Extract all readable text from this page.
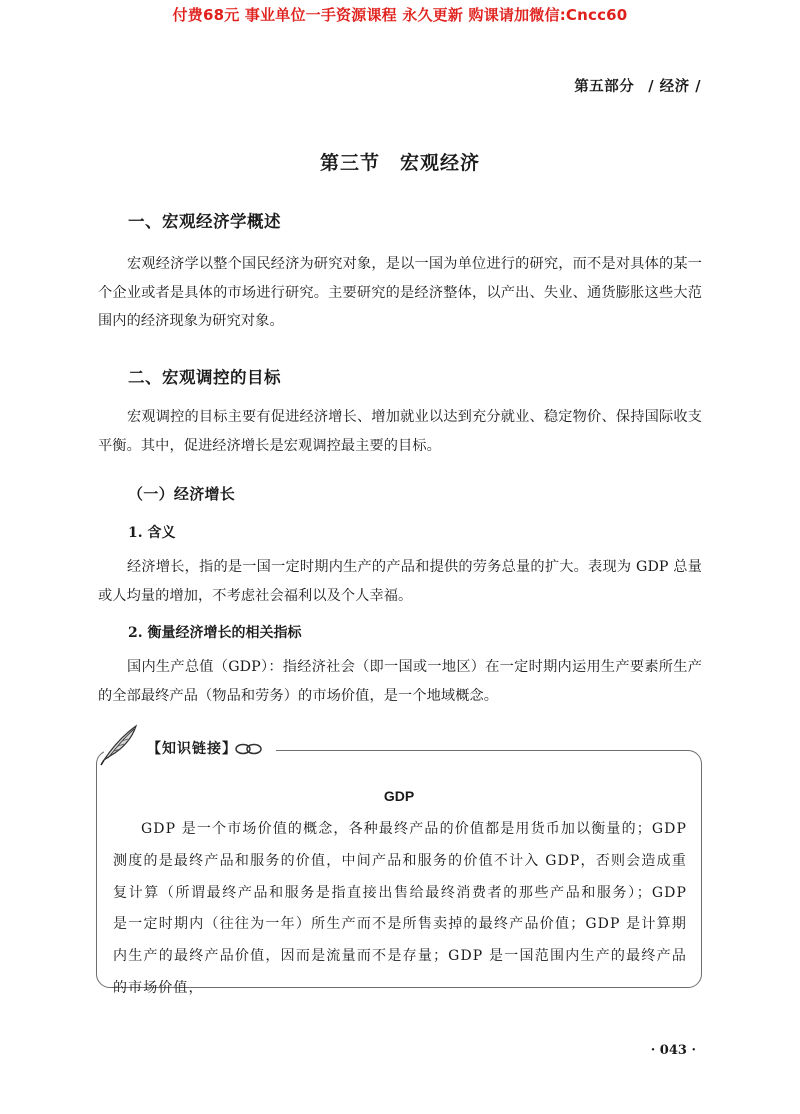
付费68元 事业单位一手资源课程 永久更新 购课请加微信:Cncc60
第五部分 / 经济 /
第三节　宏观经济
一、宏观经济学概述
宏观经济学以整个国民经济为研究对象，是以一国为单位进行的研究，而不是对具体的某一个企业或者是具体的市场进行研究。主要研究的是经济整体，以产出、失业、通货膨胀这些大范围内的经济现象为研究对象。
二、宏观调控的目标
宏观调控的目标主要有促进经济增长、增加就业以达到充分就业、稳定物价、保持国际收支平衡。其中，促进经济增长是宏观调控最主要的目标。
（一）经济增长
1. 含义
经济增长，指的是一国一定时期内生产的产品和提供的劳务总量的扩大。表现为 GDP 总量或人均量的增加，不考虑社会福利以及个人幸福。
2. 衡量经济增长的相关指标
国内生产总值（GDP）：指经济社会（即一国或一地区）在一定时期内运用生产要素所生产的全部最终产品（物品和劳务）的市场价值，是一个地域概念。
【知识链接】
GDP
GDP 是一个市场价值的概念，各种最终产品的价值都是用货币加以衡量的；GDP 测度的是最终产品和服务的价值，中间产品和服务的价值不计入 GDP，否则会造成重复计算（所谓最终产品和服务是指直接出售给最终消费者的那些产品和服务）；GDP 是一定时期内（往往为一年）所生产而不是所售卖掉的最终产品价值；GDP 是计算期内生产的最终产品价值，因而是流量而不是存量；GDP 是一国范围内生产的最终产品的市场价值，
· 043 ·
